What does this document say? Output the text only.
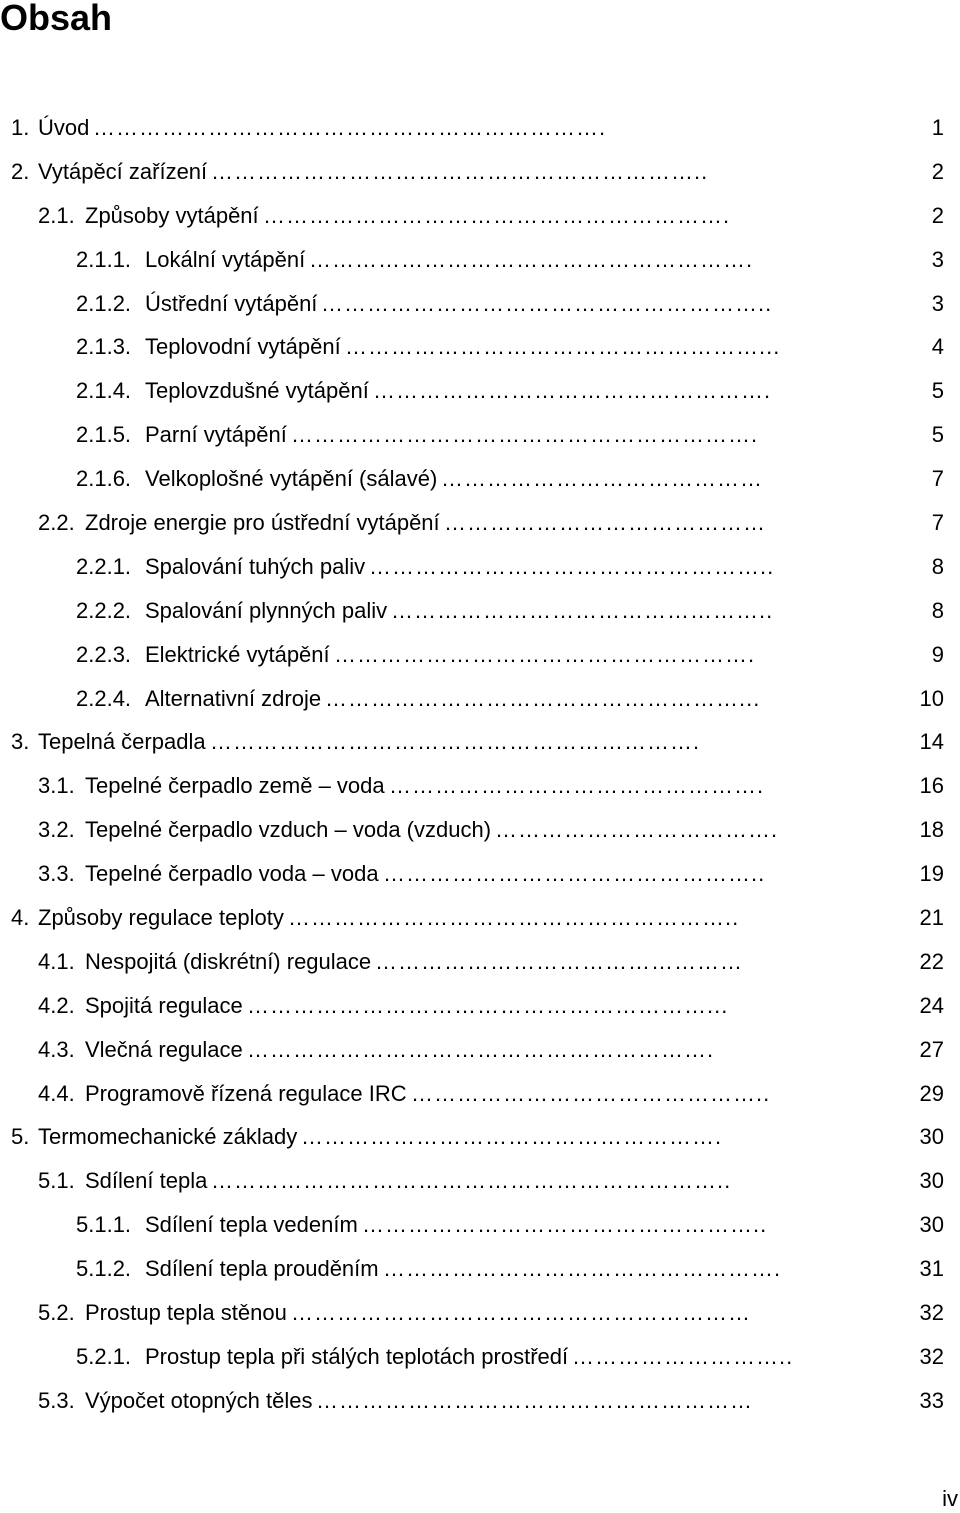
Obsah
1. Úvod ………………………………………………………….	1
2. Vytápěcí zařízení ………………………………………………………..	2
2.1. Způsoby vytápění …………………………………………………….	2
2.1.1. Lokální vytápění ………………………………………………….	3
2.1.2. Ústřední vytápění …………………………………………………..	3
2.1.3. Teplovodní vytápění ………………………………………………...	4
2.1.4. Teplovzdušné vytápění …………………………………………….	5
2.1.5. Parní vytápění …………………………………………………….	5
2.1.6. Velkoplošné vytápění (sálavé) ……………………………………	7
2.2. Zdroje energie pro ústřední vytápění ……………………………………	7
2.2.1. Spalování tuhých paliv ……………………………………………..	8
2.2.2. Spalování plynných paliv …………………………………………..	8
2.2.3. Elektrické vytápění ……………………………………………….	9
2.2.4. Alternativní zdroje ………………………………………………...	10
3. Tepelná čerpadla ……………………………………………………….	14
3.1. Tepelné čerpadlo země – voda ………………………………………….	16
3.2. Tepelné čerpadlo vzduch – voda (vzduch) ……………………………….	18
3.3. Tepelné čerpadlo voda – voda …………………………………………..	19
4. Způsoby regulace teploty …………………………………………………..	21
4.1. Nespojitá (diskrétní) regulace …………………………………………	22
4.2. Spojitá regulace ……………………………………………………...	24
4.3. Vlečná regulace …………………………………………………….	27
4.4. Programově řízená regulace IRC ………………………………………..	29
5. Termomechanické základy ……………………………………………….	30
5.1. Sdílení tepla …………………………………………………………..	30
5.1.1. Sdílení tepla vedením ……………………………………………..	30
5.1.2. Sdílení tepla prouděním …………………………………………….	31
5.2. Prostup tepla stěnou ……………………………………………………	32
5.2.1. Prostup tepla při stálých teplotách prostředí ………………………..	32
5.3. Výpočet otopných těles …………………………………………………	33
iv
